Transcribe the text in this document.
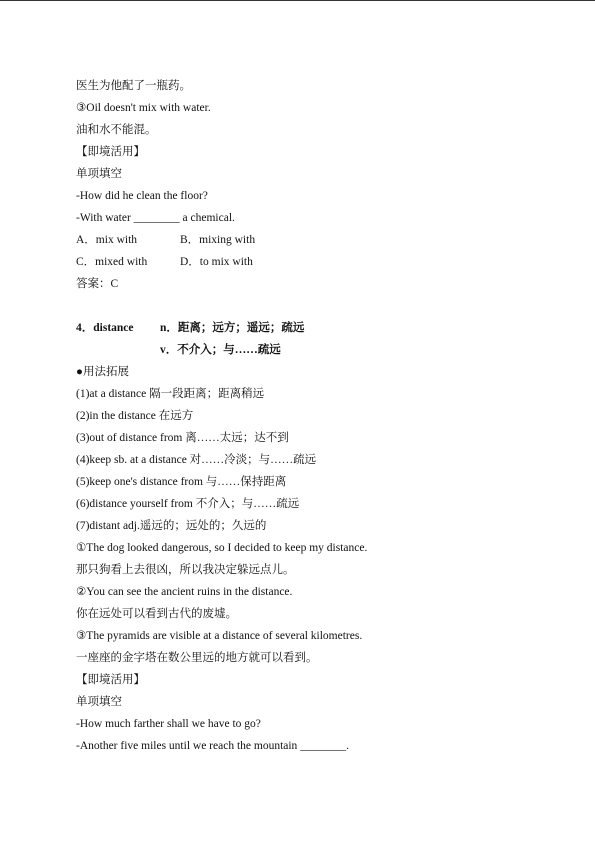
医生为他配了一瓶药。
③Oil doesn't mix with water.
油和水不能混。
【即境活用】
单项填空
-How did he clean the floor?
-With water ________ a chemical.
A．mix with	B．mixing with
C．mixed with	D．to mix with
答案：C
4．distance n．距离；远方；遥远；疏远
v．不介入；与……疏远
●用法拓展
(1)at a distance 隔一段距离；距离稍远
(2)in the distance 在远方
(3)out of distance from 离……太远；达不到
(4)keep sb. at a distance 对……冷淡；与……疏远
(5)keep one's distance from 与……保持距离
(6)distance yourself from 不介入；与……疏远
(7)distant adj.遥远的；远处的；久远的
①The dog looked dangerous, so I decided to keep my distance.
那只狗看上去很凶，所以我决定躲远点儿。
②You can see the ancient ruins in the distance.
你在远处可以看到古代的废墟。
③The pyramids are visible at a distance of several kilometres.
一座座的金字塔在数公里远的地方就可以看到。
【即境活用】
单项填空
-How much farther shall we have to go?
-Another five miles until we reach the mountain ________.
